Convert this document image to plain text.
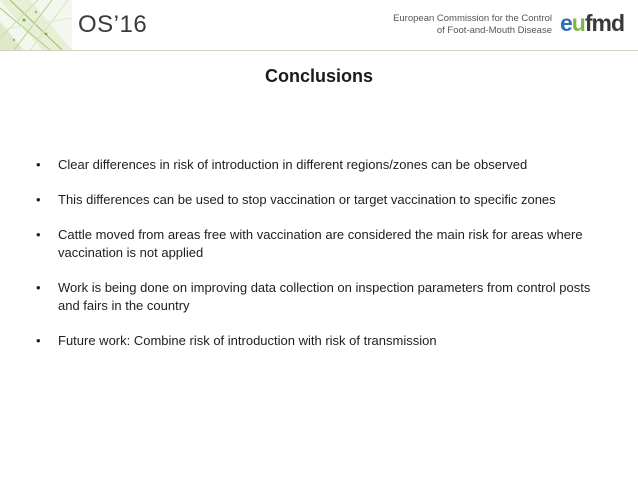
OS’16	European Commission for the Control
of Foot-and-Mouth Disease eufmd
Conclusions
• Clear differences in risk of introduction in different regions/zones can be observed
• This differences can be used to stop vaccination or target vaccination to specific zones
• Cattle moved from areas free with vaccination are considered the main risk for areas where vaccination is not applied
• Work is being done on improving data collection on inspection parameters from control posts and fairs in the country
• Future work: Combine risk of introduction with risk of transmission
